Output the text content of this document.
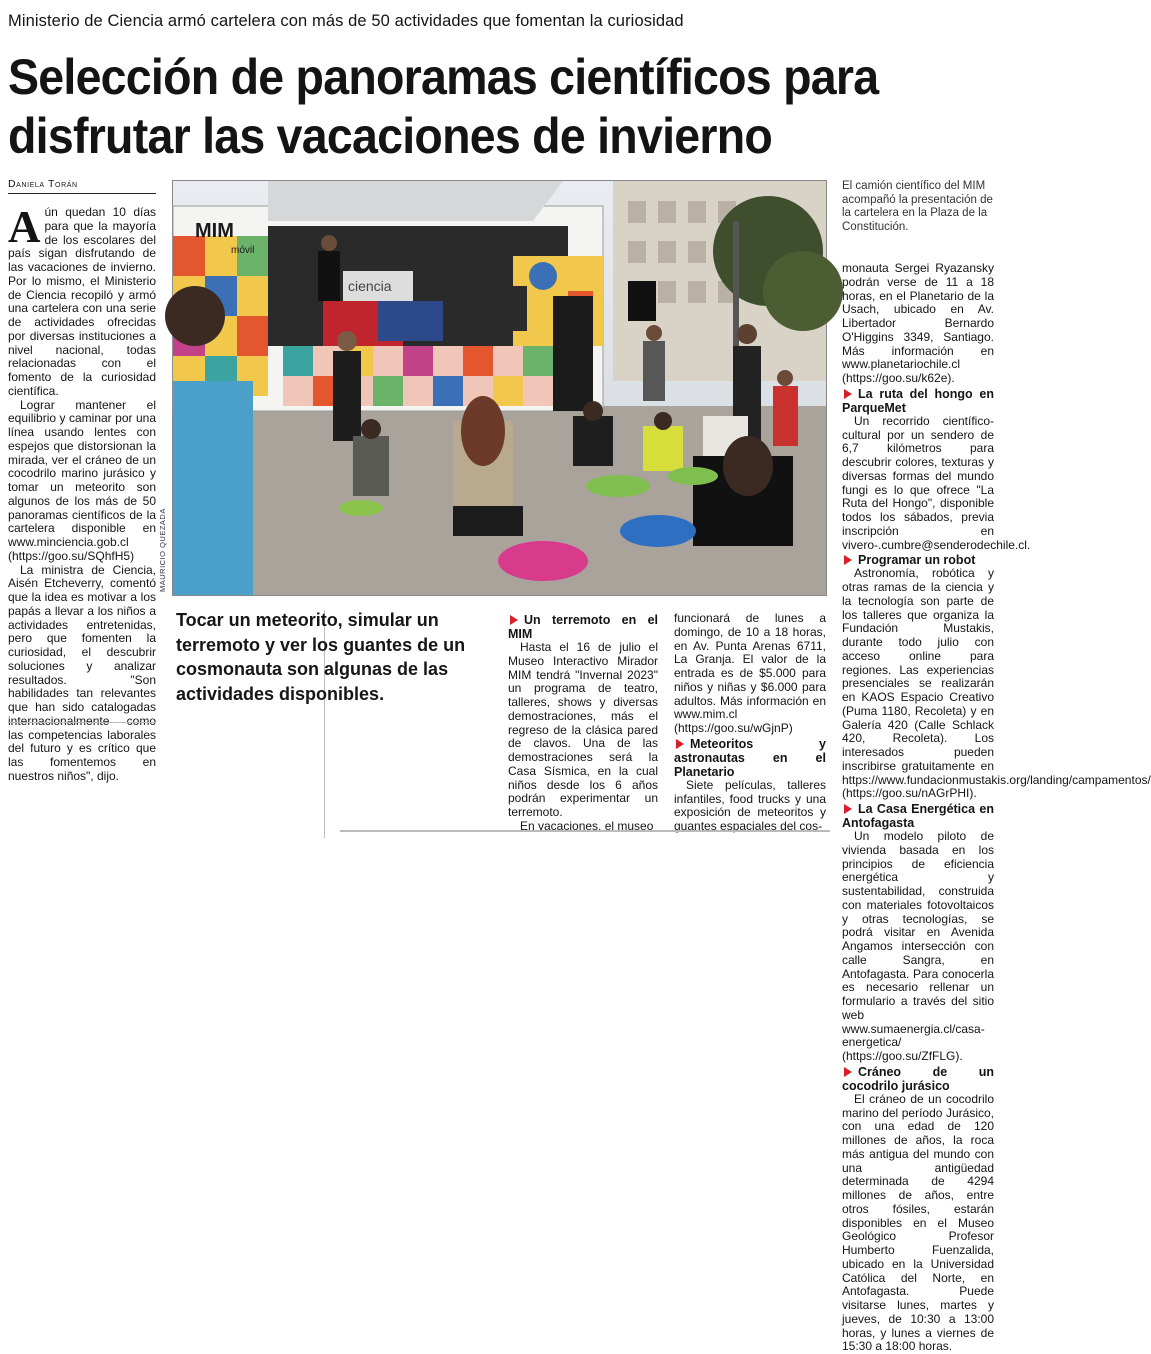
Ministerio de Ciencia armó cartelera con más de 50 actividades que fomentan la curiosidad
Selección de panoramas científicos para
disfrutar las vacaciones de invierno
Daniela Torán

Aún quedan 10 días para que la mayoría de los escolares del país sigan disfrutando de las vacaciones de invierno. Por lo mismo, el Ministerio de Ciencia recopiló y armó una cartelera con una serie de actividades ofrecidas por diversas instituciones a nivel nacional, todas relacionadas con el fomento de la curiosidad científica.

Lograr mantener el equilibrio y caminar por una línea usando lentes con espejos que distorsionan la mirada, ver el cráneo de un cocodrilo marino jurásico y tomar un meteorito son algunos de los más de 50 panoramas científicos de la cartelera disponible en www.minciencia.gob.cl (https://goo.su/SQhfH5)

La ministra de Ciencia, Aisén Etcheverry, comentó que la idea es motivar a los papás a llevar a los niños a actividades entretenidas, pero que fomenten la curiosidad, el descubrir soluciones y analizar resultados. "Son habilidades tan relevantes que han sido catalogadas internacionalmente como las competencias laborales del futuro y es crítico que las fomentemos en nuestros niños", dijo.

MIM
móvil
ciencia
MAURICIO QUEZADA
El camión científico del MIM acompañó la presentación de la cartelera en la Plaza de la Constitución.
Tocar un meteorito, simular un terremoto y ver los guantes de un cosmonauta son algunas de las actividades disponibles.
Un terremoto en el MIM

Hasta el 16 de julio el Museo Interactivo Mirador MIM tendrá "Invernal 2023" un programa de teatro, talleres, shows y diversas demostraciones, más el regreso de la clásica pared de clavos. Una de las demostraciones será la Casa Sísmica, en la cual niños desde los 6 años podrán experimentar un terremoto.

En vacaciones, el museo

funcionará de lunes a domingo, de 10 a 18 horas, en Av. Punta Arenas 6711, La Granja. El valor de la entrada es de $5.000 para niños y niñas y $6.000 para adultos. Más información en www.mim.cl (https://goo.su/wGjnP)

Meteoritos y astronautas en el Planetario

Siete películas, talleres infantiles, food trucks y una exposición de meteoritos y guantes espaciales del cos-

monauta Sergei Ryazansky podrán verse de 11 a 18 horas, en el Planetario de la Usach, ubicado en Av. Libertador Bernardo O'Higgins 3349, Santiago. Más información en www.planetariochile.cl (https://goo.su/k62e).

La ruta del hongo en ParqueMet

Un recorrido científico-cultural por un sendero de 6,7 kilómetros para descubrir colores, texturas y diversas formas del mundo fungi es lo que ofrece "La Ruta del Hongo", disponible todos los sábados, previa inscripción en vivero-.cumbre@senderodechile.cl.

Programar un robot

Astronomía, robótica y otras ramas de la ciencia y la tecnología son parte de los talleres que organiza la Fundación Mustakis, durante todo julio con acceso online para regiones. Las experiencias presenciales se realizarán en KAOS Espacio Creativo (Puma 1180, Recoleta) y en Galería 420 (Calle Schlack 420, Recoleta). Los interesados pueden inscribirse gratuitamente en https://www.fundacionmustakis.org/landing/campamentos/ (https://goo.su/nAGrPHI).

La Casa Energética en Antofagasta

Un modelo piloto de vivienda basada en los principios de eficiencia energética y sustentabilidad, construida con materiales fotovoltaicos y otras tecnologías, se podrá visitar en Avenida Angamos intersección con calle Sangra, en Antofagasta. Para conocerla es necesario rellenar un formulario a través del sitio web www.sumaenergia.cl/casa-energetica/ (https://goo.su/ZfFLG).

Cráneo de un cocodrilo jurásico

El cráneo de un cocodrilo marino del período Jurásico, con una edad de 120 millones de años, la roca más antigua del mundo con una antigüedad determinada de 4294 millones de años, entre otros fósiles, estarán disponibles en el Museo Geológico Profesor Humberto Fuenzalida, ubicado en la Universidad Católica del Norte, en Antofagasta. Puede visitarse lunes, martes y jueves, de 10:30 a 13:00 horas, y lunes a viernes de 15:30 a 18:00 horas.
